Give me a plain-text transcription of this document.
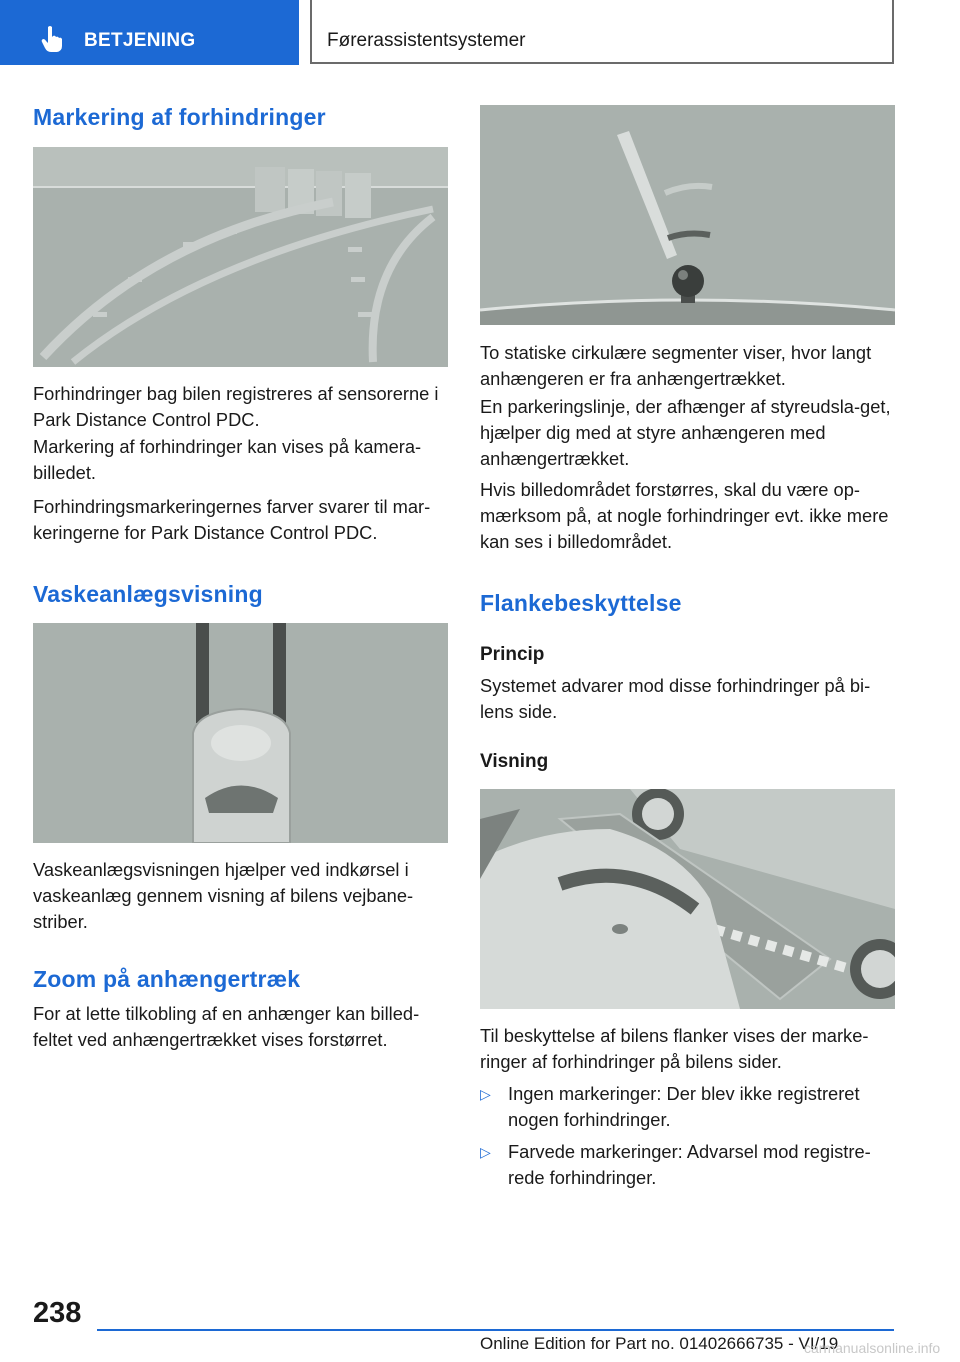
BETJENING	Førerassistentsystemer
Markering af forhindringer

Forhindringer bag bilen registreres af sensorerne i Park Distance Control PDC.

Markering af forhindringer kan vises på kamera-billedet.

Forhindringsmarkeringernes farver svarer til mar-keringerne for Park Distance Control PDC.

Vaskeanlægsvisning

Vaskeanlægsvisningen hjælper ved indkørsel i vaskeanlæg gennem visning af bilens vejbane-striber.

Zoom på anhængertræk

For at lette tilkobling af en anhænger kan billed-feltet ved anhængertrækket vises forstørret.

To statiske cirkulære segmenter viser, hvor langt anhængeren er fra anhængertrækket.

En parkeringslinje, der afhænger af styreudsla-get, hjælper dig med at styre anhængeren med anhængertrækket.

Hvis billedområdet forstørres, skal du være op-mærksom på, at nogle forhindringer evt. ikke mere kan ses i billedområdet.

Flankebeskyttelse
Princip

Systemet advarer mod disse forhindringer på bi-lens side.

Visning

Til beskyttelse af bilens flanker vises der marke-ringer af forhindringer på bilens sider.

▷ Ingen markeringer: Der blev ikke registreret nogen forhindringer.
▷ Farvede markeringer: Advarsel mod registre-rede forhindringer.
238
Online Edition for Part no. 01402666735 - VI/19
carmanualsonline.info
